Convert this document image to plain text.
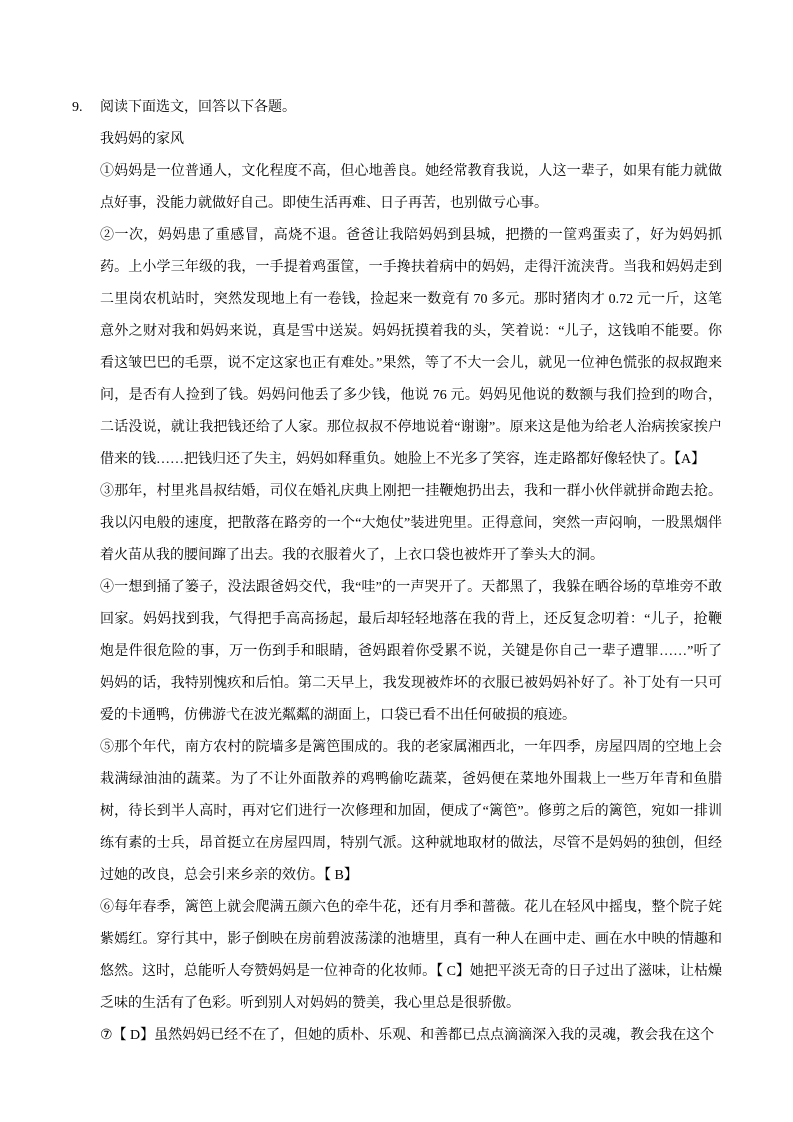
9.	阅读下面选文，回答以下各题。
我妈妈的家风

①妈妈是一位普通人，文化程度不高，但心地善良。她经常教育我说，人这一辈子，如果有能力就做点好事，没能力就做好自己。即使生活再难、日子再苦，也别做亏心事。

②一次，妈妈患了重感冒，高烧不退。爸爸让我陪妈妈到县城，把攒的一筐鸡蛋卖了，好为妈妈抓药。上小学三年级的我，一手提着鸡蛋筐，一手搀扶着病中的妈妈，走得汗流浃背。当我和妈妈走到二里岗农机站时，突然发现地上有一卷钱，捡起来一数竟有 70 多元。那时猪肉才 0.72 元一斤，这笔意外之财对我和妈妈来说，真是雪中送炭。妈妈抚摸着我的头，笑着说：“儿子，这钱咱不能要。你看这皱巴巴的毛票，说不定这家也正有难处。”果然，等了不大一会儿，就见一位神色慌张的叔叔跑来问，是否有人捡到了钱。妈妈问他丢了多少钱，他说 76 元。妈妈见他说的数额与我们捡到的吻合，二话没说，就让我把钱还给了人家。那位叔叔不停地说着“谢谢”。原来这是他为给老人治病挨家挨户借来的钱……把钱归还了失主，妈妈如释重负。她脸上不光多了笑容，连走路都好像轻快了。【A】

③那年，村里兆昌叔结婚，司仪在婚礼庆典上刚把一挂鞭炮扔出去，我和一群小伙伴就拼命跑去抢。我以闪电般的速度，把散落在路旁的一个“大炮仗”装进兜里。正得意间，突然一声闷响，一股黑烟伴着火苗从我的腰间蹿了出去。我的衣服着火了，上衣口袋也被炸开了拳头大的洞。

④一想到捅了篓子，没法跟爸妈交代，我“哇”的一声哭开了。天都黑了，我躲在晒谷场的草堆旁不敢回家。妈妈找到我，气得把手高高扬起，最后却轻轻地落在我的背上，还反复念叨着：“儿子，抢鞭炮是件很危险的事，万一伤到手和眼睛，爸妈跟着你受累不说，关键是你自己一辈子遭罪……”听了妈妈的话，我特别愧疚和后怕。第二天早上，我发现被炸坏的衣服已被妈妈补好了。补丁处有一只可爱的卡通鸭，仿佛游弋在波光粼粼的湖面上，口袋已看不出任何破损的痕迹。

⑤那个年代，南方农村的院墙多是篱笆围成的。我的老家属湘西北，一年四季，房屋四周的空地上会栽满绿油油的蔬菜。为了不让外面散养的鸡鸭偷吃蔬菜，爸妈便在菜地外围栽上一些万年青和鱼腊树，待长到半人高时，再对它们进行一次修理和加固，便成了“篱笆”。修剪之后的篱笆，宛如一排训练有素的士兵，昂首挺立在房屋四周，特别气派。这种就地取材的做法，尽管不是妈妈的独创，但经过她的改良，总会引来乡亲的效仿。【 B】

⑥每年春季，篱笆上就会爬满五颜六色的牵牛花，还有月季和蔷薇。花儿在轻风中摇曳，整个院子姹紫嫣红。穿行其中，影子倒映在房前碧波荡漾的池塘里，真有一种人在画中走、画在水中映的情趣和悠然。这时，总能听人夸赞妈妈是一位神奇的化妆师。【 C】她把平淡无奇的日子过出了滋味，让枯燥乏味的生活有了色彩。听到别人对妈妈的赞美，我心里总是很骄傲。

⑦【 D】虽然妈妈已经不在了，但她的质朴、乐观、和善都已点点滴滴深入我的灵魂，教会我在这个
